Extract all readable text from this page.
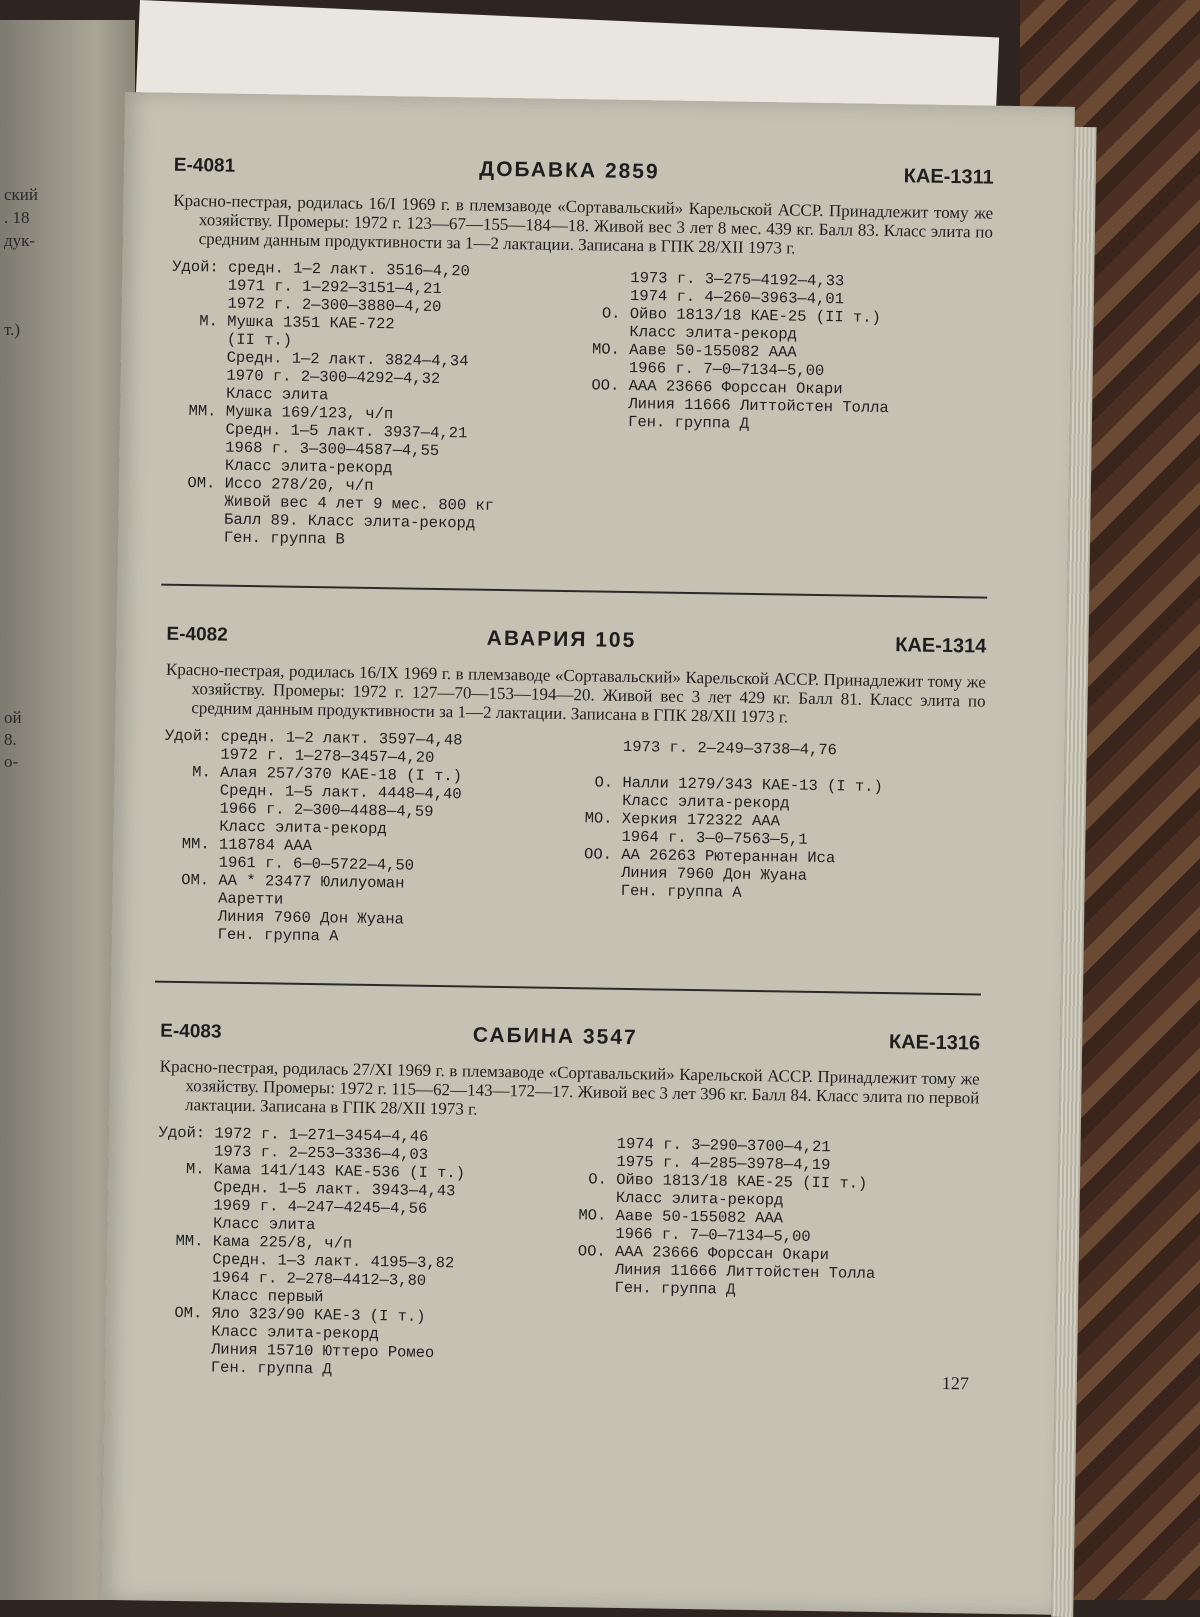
ский
. 18
дук-
т.)
ой
8.
о-
Е-4081	ДОБАВКА 2859	КАЕ-1311

Красно-пестрая, родилась 16/I 1969 г. в племзаводе «Сортавальский» Карельской АССР. Принадлежит тому же хозяйству. Промеры: 1972 г. 123—67—155—184—18. Живой вес 3 лет 8 мес. 439 кг. Балл 83. Класс элита по средним данным продуктивности за 1—2 лактации. Записана в ГПК 28/XII 1973 г.

Удой: средн. 1—2 лакт. 3516—4,20
1971 г. 1—292—3151—4,21
1972 г. 2—300—3880—4,20
М. Мушка 1351 КАЕ-722
(II т.)
Средн. 1—2 лакт. 3824—4,34
1970 г. 2—300—4292—4,32
Класс элита
ММ. Мушка 169/123, ч/п
Средн. 1—5 лакт. 3937—4,21
1968 г. 3—300—4587—4,55
Класс элита-рекорд
ОМ. Иссо 278/20, ч/п
Живой вес 4 лет 9 мес. 800 кг
Балл 89. Класс элита-рекорд
Ген. группа В
1973 г. 3—275—4192—4,33
1974 г. 4—260—3963—4,01
О. Ойво 1813/18 КАЕ-25 (II т.)
Класс элита-рекорд
МО. Ааве 50-155082 ААА
1966 г. 7—0—7134—5,00
ОО. ААА 23666 Форссан Окари
Линия 11666 Литтойстен Толла
Ген. группа Д
Е-4082	АВАРИЯ 105	КАЕ-1314

Красно-пестрая, родилась 16/IX 1969 г. в племзаводе «Сортавальский» Карельской АССР. Принадлежит тому же хозяйству. Промеры: 1972 г. 127—70—153—194—20. Живой вес 3 лет 429 кг. Балл 81. Класс элита по средним данным продуктивности за 1—2 лактации. Записана в ГПК 28/XII 1973 г.

Удой: средн. 1—2 лакт. 3597—4,48
1972 г. 1—278—3457—4,20
М. Алая 257/370 КАЕ-18 (I т.)
Средн. 1—5 лакт. 4448—4,40
1966 г. 2—300—4488—4,59
Класс элита-рекорд
ММ. 118784 ААА
1961 г. 6—0—5722—4,50
ОМ. АА * 23477 Юлилуоман
Ааретти
Линия 7960 Дон Жуана
Ген. группа А
1973 г. 2—249—3738—4,76

О. Налли 1279/343 КАЕ-13 (I т.)
Класс элита-рекорд
МО. Херкия 172322 ААА
1964 г. 3—0—7563—5,1
ОО. АА 26263 Рютераннан Иса
Линия 7960 Дон Жуана
Ген. группа А
Е-4083	САБИНА 3547	КАЕ-1316

Красно-пестрая, родилась 27/XI 1969 г. в племзаводе «Сортавальский» Карельской АССР. Принадлежит тому же хозяйству. Промеры: 1972 г. 115—62—143—172—17. Живой вес 3 лет 396 кг. Балл 84. Класс элита по первой лактации. Записана в ГПК 28/XII 1973 г.

Удой: 1972 г. 1—271—3454—4,46
1973 г. 2—253—3336—4,03
М. Кама 141/143 КАЕ-536 (I т.)
Средн. 1—5 лакт. 3943—4,43
1969 г. 4—247—4245—4,56
Класс элита
ММ. Кама 225/8, ч/п
Средн. 1—3 лакт. 4195—3,82
1964 г. 2—278—4412—3,80
Класс первый
ОМ. Яло 323/90 КАЕ-3 (I т.)
Класс элита-рекорд
Линия 15710 Юттеро Ромео
Ген. группа Д
1974 г. 3—290—3700—4,21
1975 г. 4—285—3978—4,19
О. Ойво 1813/18 КАЕ-25 (II т.)
Класс элита-рекорд
МО. Ааве 50-155082 ААА
1966 г. 7—0—7134—5,00
ОО. ААА 23666 Форссан Окари
Линия 11666 Литтойстен Толла
Ген. группа Д
127
